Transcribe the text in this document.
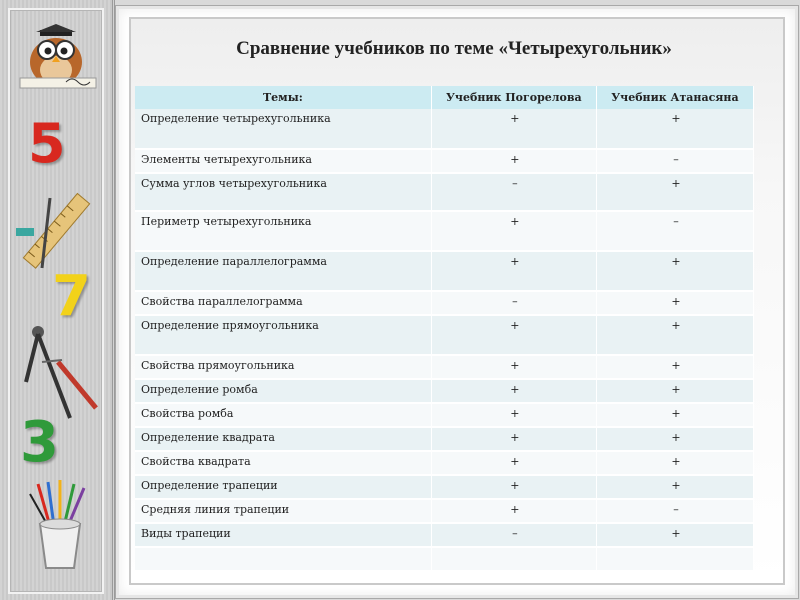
5
7
3
Сравнение учебников по теме «Четырехугольник»
Темы:	Учебник Погорелова	Учебник Атанасяна
Определение четырехугольника	+	+
Элементы четырехугольника	+	–
Сумма углов четырехугольника	–	+
Периметр четырехугольника	+	–
Определение параллелограмма	+	+
Свойства параллелограмма	–	+
Определение прямоугольника	+	+
Свойства прямоугольника	+	+
Определение ромба	+	+
Свойства ромба	+	+
Определение квадрата	+	+
Свойства квадрата	+	+
Определение трапеции	+	+
Средняя линия трапеции	+	–
Виды трапеции	–	+
